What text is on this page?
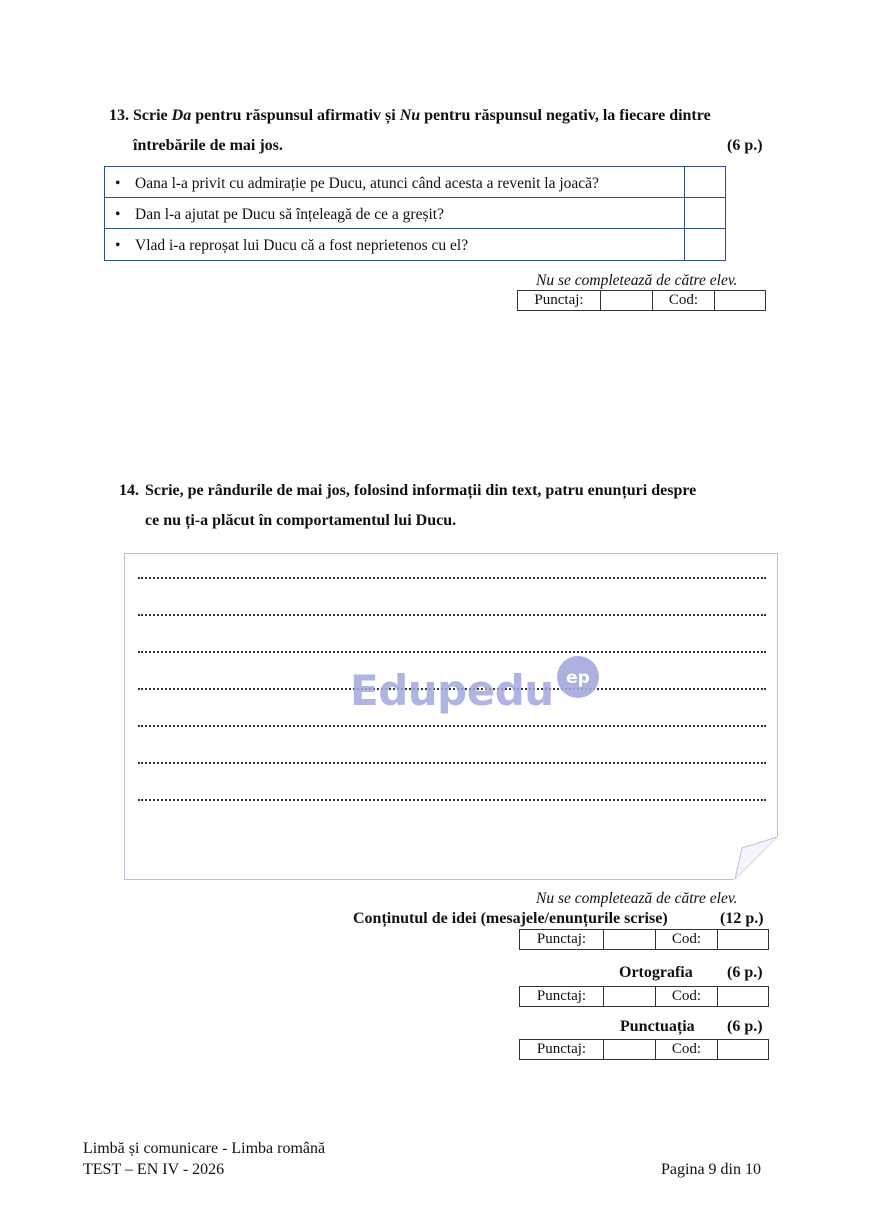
13. Scrie Da pentru răspunsul afirmativ și Nu pentru răspunsul negativ, la fiecare dintre
întrebările de mai jos.	(6 p.)
• Oana l-a privit cu admirație pe Ducu, atunci când acesta a revenit la joacă?
• Dan l-a ajutat pe Ducu să înțeleagă de ce a greșit?
• Vlad i-a reproșat lui Ducu că a fost neprietenos cu el?
Nu se completează de către elev.
Punctaj:	Cod:
14. Scrie, pe rândurile de mai jos, folosind informații din text, patru enunțuri despre
ce nu ți-a plăcut în comportamentul lui Ducu.
Edupedu ep
Nu se completează de către elev.
Conținutul de idei (mesajele/enunțurile scrise)	(12 p.)
Punctaj:	Cod:
Ortografia (6 p.)
Punctaj:	Cod:
Punctuația (6 p.)
Punctaj:	Cod:
Limbă și comunicare - Limba română
TEST – EN IV - 2026	Pagina 9 din 10
